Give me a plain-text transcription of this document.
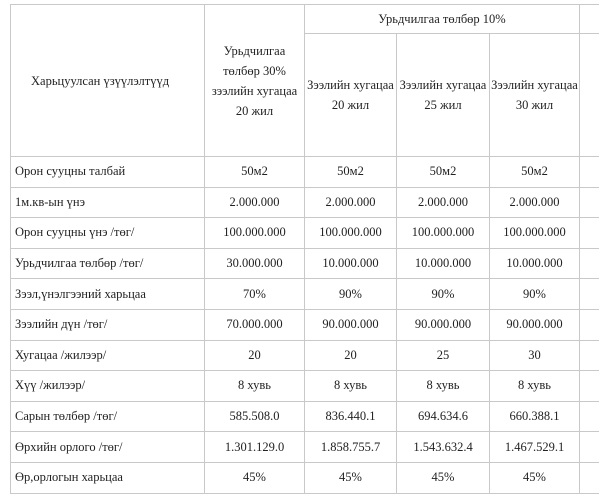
Харьцуулсан үзүүлэлтүүд	Урьдчилгаа төлбөр 30% зээлийн хугацаа 20 жил	Урьдчилгаа төлбөр 10%			
		Зээлийн хугацаа 20 жил	Зээлийн хугацаа 25 жил	Зээлийн хугацаа 30 жил	
Орон сууцны талбай	50м2	50м2	50м2	50м2	
1м.кв-ын үнэ	2.000.000	2.000.000	2.000.000	2.000.000	
Орон сууцны үнэ /төг/	100.000.000	100.000.000	100.000.000	100.000.000	
Урьдчилгаа төлбөр /төг/	30.000.000	10.000.000	10.000.000	10.000.000	
Зээл,үнэлгээний харьцаа	70%	90%	90%	90%	
Зээлийн дүн /төг/	70.000.000	90.000.000	90.000.000	90.000.000	
Хугацаа /жилээр/	20	20	25	30	
Хүү /жилээр/	8 хувь	8 хувь	8 хувь	8 хувь	
Сарын төлбөр /төг/	585.508.0	836.440.1	694.634.6	660.388.1	
Өрхийн орлого /төг/	1.301.129.0	1.858.755.7	1.543.632.4	1.467.529.1	
Өр,орлогын харьцаа	45%	45%	45%	45%	
